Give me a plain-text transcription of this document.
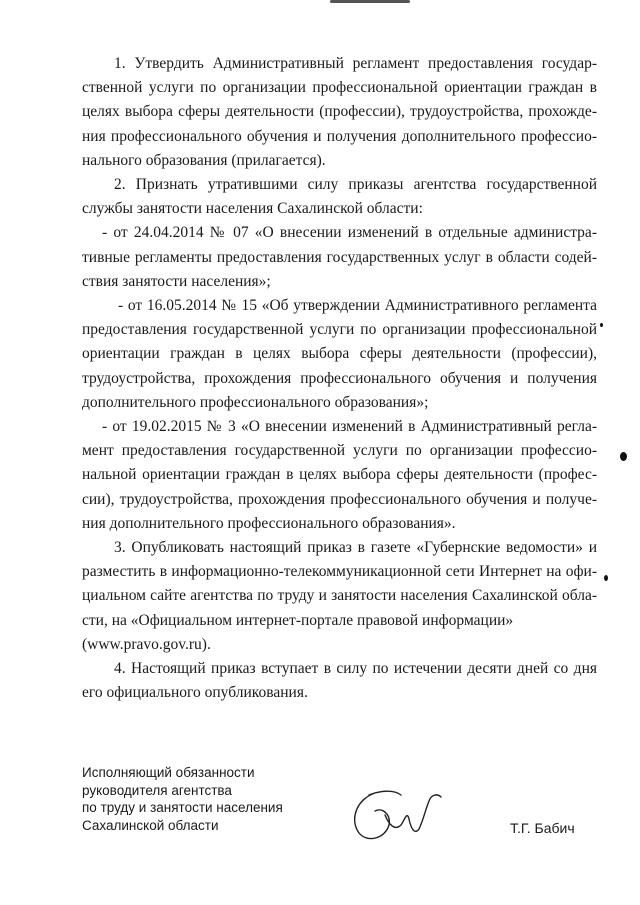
1. Утвердить Административный регламент предоставления государственной услуги по организации профессиональной ориентации граждан в целях выбора сферы деятельности (профессии), трудоустройства, прохождения профессионального обучения и получения дополнительного профессионального образования (прилагается).

2. Признать утратившими силу приказы агентства государственной службы занятости населения Сахалинской области:

- от 24.04.2014 № 07 «О внесении изменений в отдельные административные регламенты предоставления государственных услуг в области содействия занятости населения»;

- от 16.05.2014 № 15 «Об утверждении Административного регламента предоставления государственной услуги по организации профессиональной ориентации граждан в целях выбора сферы деятельности (профессии), трудоустройства, прохождения профессионального обучения и получения дополнительного профессионального образования»;

- от 19.02.2015 № 3 «О внесении изменений в Административный регламент предоставления государственной услуги по организации профессиональной ориентации граждан в целях выбора сферы деятельности (профессии), трудоустройства, прохождения профессионального обучения и получения дополнительного профессионального образования».

3. Опубликовать настоящий приказ в газете «Губернские ведомости» и разместить в информационно-телекоммуникационной сети Интернет на официальном сайте агентства по труду и занятости населения Сахалинской области, на «Официальном интернет-портале правовой информации»

(www.pravo.gov.ru).

4. Настоящий приказ вступает в силу по истечении десяти дней со дня его официального опубликования.

Исполняющий обязанности
руководителя агентства
по труду и занятости населения
Сахалинской области	Т.Г. Бабич
